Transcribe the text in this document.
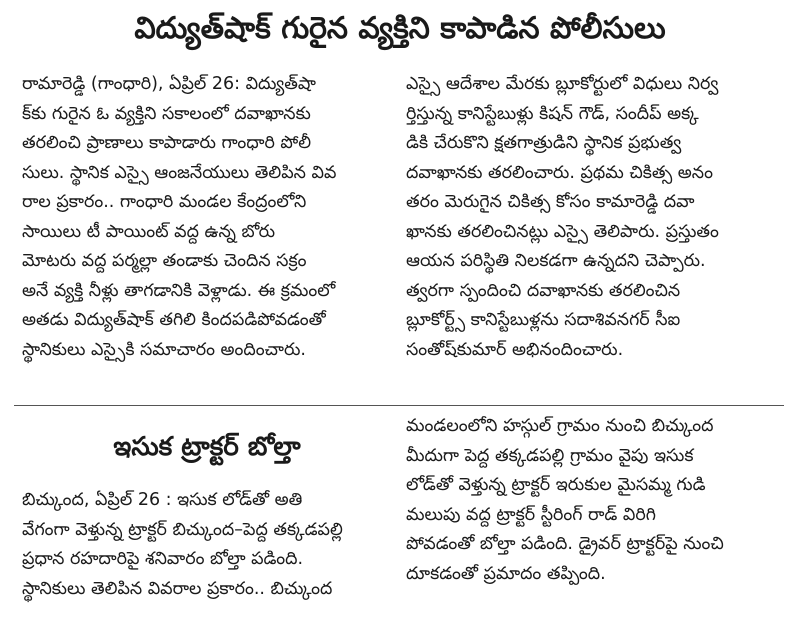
విద్యుత్‌షాక్ గురైన వ్యక్తిని కాపాడిన పోలీసులు
రామారెడ్డి (గాంధారి), ఏప్రిల్ 26: విద్యుత్‌షా
క్‌కు గురైన ఓ వ్యక్తిని సకాలంలో దవాఖానకు
తరలించి ప్రాణాలు కాపాడారు గాంధారి పోలీ
సులు. స్థానిక ఎస్సై ఆంజనేయులు తెలిపిన వివ
రాల ప్రకారం.. గాంధారి మండల కేంద్రంలోని
సాయిలు టీ పాయింట్ వద్ద ఉన్న బోరు
మోటరు వద్ద పర్మల్లా తండాకు చెందిన సక్రం
అనే వ్యక్తి నీళ్లు తాగడానికి వెళ్లాడు. ఈ క్రమంలో
అతడు విద్యుత్‌షాక్ తగిలి కిందపడిపోవడంతో
స్థానికులు ఎస్సైకి సమాచారం అందించారు.
ఎస్సై ఆదేశాల మేరకు బ్లూకోర్టులో విధులు నిర్వ
ర్తిస్తున్న కానిస్టేబుళ్లు కిషన్ గౌడ్, సందీప్ అక్క
డికి చేరుకొని క్షతగాత్రుడిని స్థానిక ప్రభుత్వ
దవాఖానకు తరలించారు. ప్రథమ చికిత్స అనం
తరం మెరుగైన చికిత్స కోసం కామారెడ్డి దవా
ఖానకు తరలించినట్లు ఎస్సై తెలిపారు. ప్రస్తుతం
ఆయన పరిస్థితి నిలకడగా ఉన్నదని చెప్పారు.
త్వరగా స్పందించి దవాఖానకు తరలించిన
బ్లూకోర్ట్స్ కానిస్టేబుళ్లను సదాశివనగర్ సీఐ
సంతోష్‌కుమార్ అభినందించారు.
ఇసుక ట్రాక్టర్ బోల్తా
బిచ్కుంద, ఏప్రిల్ 26 : ఇసుక లోడ్‌తో అతి
వేగంగా వెళ్తున్న ట్రాక్టర్ బిచ్కుంద–పెద్ద తక్కడపల్లి
ప్రధాన రహదారిపై శనివారం బోల్తా పడింది.
స్థానికులు తెలిపిన వివరాల ప్రకారం.. బిచ్కుంద
మండలంలోని హస్గుల్ గ్రామం నుంచి బిచ్కుంద
మీదుగా పెద్ద తక్కడపల్లి గ్రామం వైపు ఇసుక
లోడ్‌తో వెళ్తున్న ట్రాక్టర్ ఇరుకుల మైసమ్మ గుడి
మలుపు వద్ద ట్రాక్టర్ స్టీరింగ్ రాడ్ విరిగి
పోవడంతో బోల్తా పడింది. డ్రైవర్ ట్రాక్టర్‌పై నుంచి
దూకడంతో ప్రమాదం తప్పింది.
